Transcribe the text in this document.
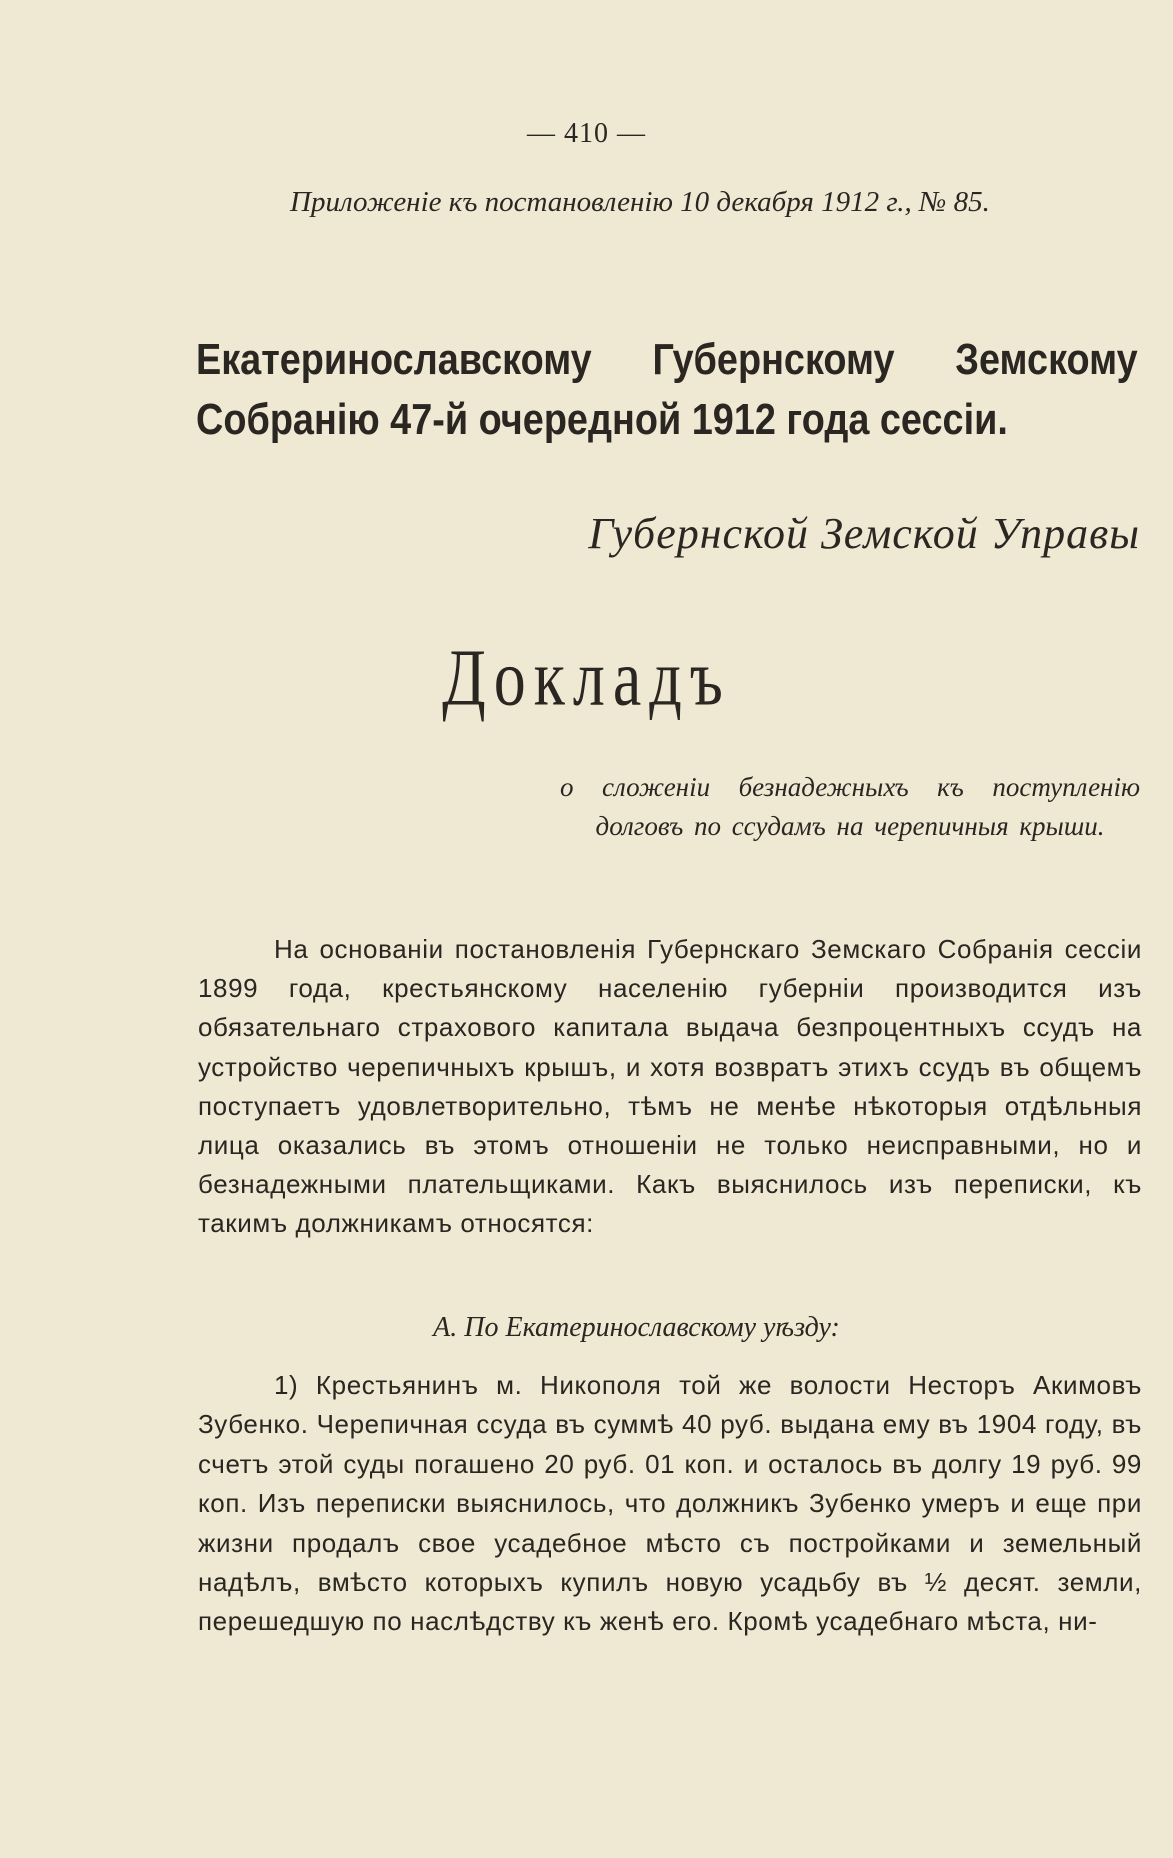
— 410 —
Приложеніе къ постановленію 10 декабря 1912 г., № 85.
Екатеринославскому Губернскому Земскому Собранію 47-й очередной 1912 года сессіи.
Губернской Земской Управы
Докладъ
о сложеніи безнадежныхъ къ поступленію долговъ по ссудамъ на черепичныя крыши.

На основаніи постановленія Губернскаго Земскаго Собранія сессіи 1899 года, крестьянскому населенію губерніи производится изъ обязательнаго страхового капитала выдача безпроцентныхъ ссудъ на устройство черепичныхъ крышъ, и хотя возвратъ этихъ ссудъ въ общемъ поступаетъ удовлетворительно, тѣмъ не менѣе нѣкоторыя отдѣльныя лица оказались въ этомъ отношеніи не только неисправными, но и безнадежными плательщиками. Какъ выяснилось изъ переписки, къ такимъ должникамъ относятся:

А. По Екатеринославскому уѣзду:

1) Крестьянинъ м. Никополя той же волости Несторъ Акимовъ Зубенко. Черепичная ссуда въ суммѣ 40 руб. выдана ему въ 1904 году, въ счетъ этой суды погашено 20 руб. 01 коп. и осталось въ долгу 19 руб. 99 коп. Изъ переписки выяснилось, что должникъ Зубенко умеръ и еще при жизни продалъ свое усадебное мѣсто съ постройками и земельный надѣлъ, вмѣсто которыхъ купилъ новую усадьбу въ ½ десят. земли, перешедшую по наслѣдству къ женѣ его. Кромѣ усадебнаго мѣста, ни-
